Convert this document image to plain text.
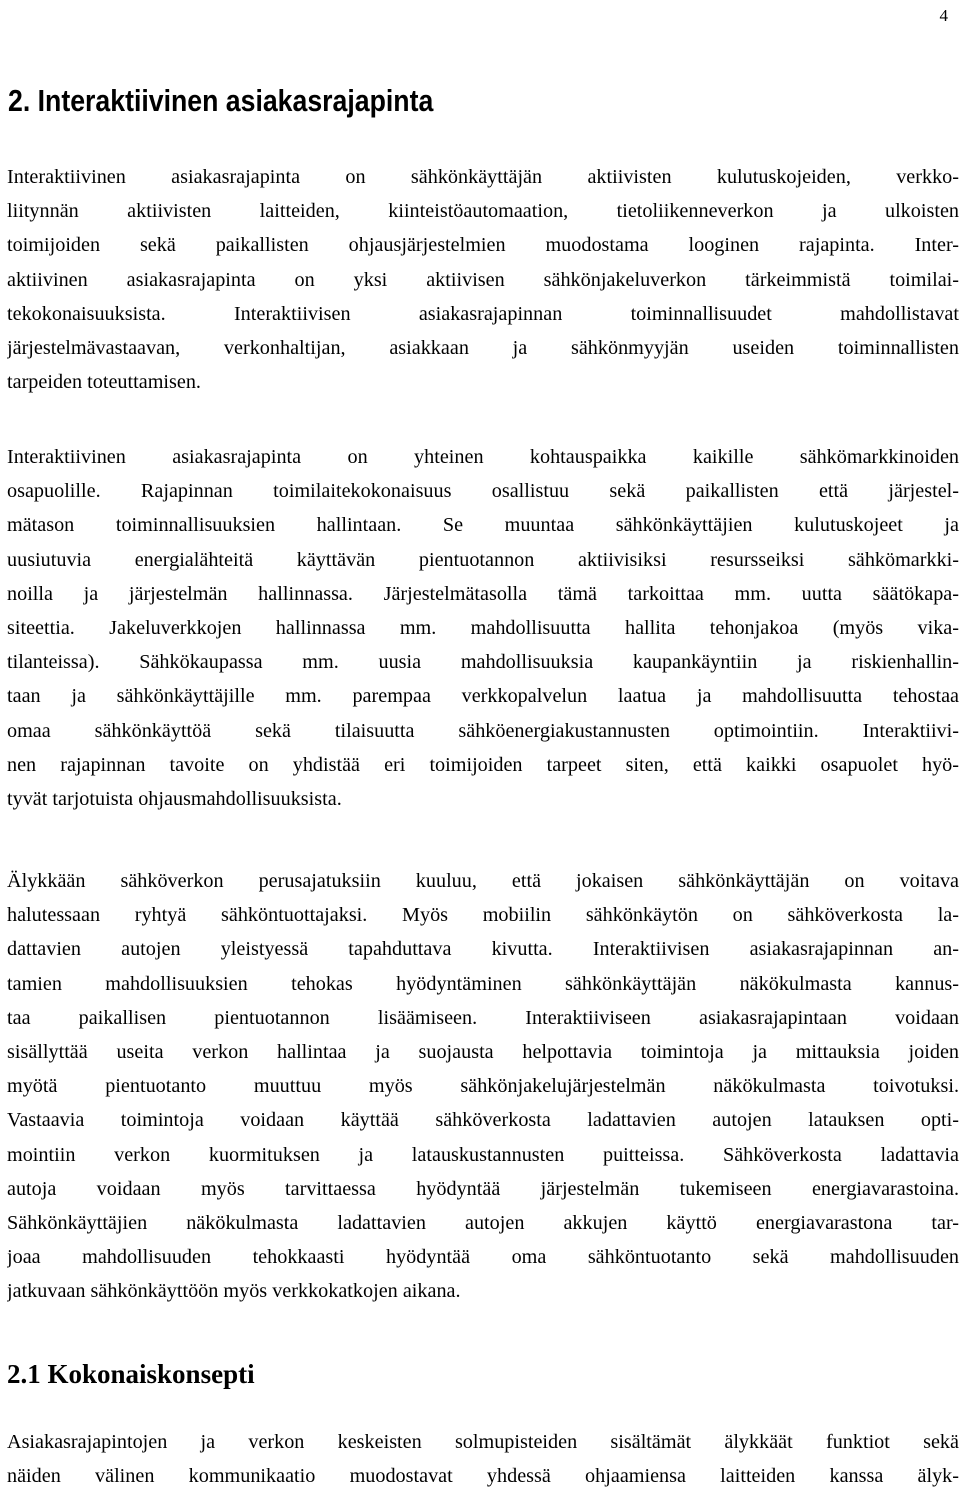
4
2. Interaktiivinen asiakasrajapinta
Interaktiivinen asiakasrajapinta on sähkönkäyttäjän aktiivisten kulutuskojeiden, verkko-
liitynnän aktiivisten laitteiden, kiinteistöautomaation, tietoliikenneverkon ja ulkoisten
toimijoiden sekä paikallisten ohjausjärjestelmien muodostama looginen rajapinta. Inter-
aktiivinen asiakasrajapinta on yksi aktiivisen sähkönjakeluverkon tärkeimmistä toimilai-
tekokonaisuuksista. Interaktiivisen asiakasrajapinnan toiminnallisuudet mahdollistavat
järjestelmävastaavan, verkonhaltijan, asiakkaan ja sähkönmyyjän useiden toiminnallisten
tarpeiden toteuttamisen.
Interaktiivinen asiakasrajapinta on yhteinen kohtauspaikka kaikille sähkömarkkinoiden
osapuolille. Rajapinnan toimilaitekokonaisuus osallistuu sekä paikallisten että järjestel-
mätason toiminnallisuuksien hallintaan. Se muuntaa sähkönkäyttäjien kulutuskojeet ja
uusiutuvia energialähteitä käyttävän pientuotannon aktiivisiksi resursseiksi sähkömarkki-
noilla ja järjestelmän hallinnassa. Järjestelmätasolla tämä tarkoittaa mm. uutta säätökapa-
siteettia. Jakeluverkkojen hallinnassa mm. mahdollisuutta hallita tehonjakoa (myös vika-
tilanteissa). Sähkökaupassa mm. uusia mahdollisuuksia kaupankäyntiin ja riskienhallin-
taan ja sähkönkäyttäjille mm. parempaa verkkopalvelun laatua ja mahdollisuutta tehostaa
omaa sähkönkäyttöä sekä tilaisuutta sähköenergiakustannusten optimointiin. Interaktiivi-
nen rajapinnan tavoite on yhdistää eri toimijoiden tarpeet siten, että kaikki osapuolet hyö-
tyvät tarjotuista ohjausmahdollisuuksista.
Älykkään sähköverkon perusajatuksiin kuuluu, että jokaisen sähkönkäyttäjän on voitava
halutessaan ryhtyä sähköntuottajaksi. Myös mobiilin sähkönkäytön on sähköverkosta la-
dattavien autojen yleistyessä tapahduttava kivutta. Interaktiivisen asiakasrajapinnan an-
tamien mahdollisuuksien tehokas hyödyntäminen sähkönkäyttäjän näkökulmasta kannus-
taa paikallisen pientuotannon lisäämiseen. Interaktiiviseen asiakasrajapintaan voidaan
sisällyttää useita verkon hallintaa ja suojausta helpottavia toimintoja ja mittauksia joiden
myötä pientuotanto muuttuu myös sähkönjakelujärjestelmän näkökulmasta toivotuksi.
Vastaavia toimintoja voidaan käyttää sähköverkosta ladattavien autojen latauksen opti-
mointiin verkon kuormituksen ja latauskustannusten puitteissa. Sähköverkosta ladattavia
autoja voidaan myös tarvittaessa hyödyntää järjestelmän tukemiseen energiavarastoina.
Sähkönkäyttäjien näkökulmasta ladattavien autojen akkujen käyttö energiavarastona tar-
joaa mahdollisuuden tehokkaasti hyödyntää oma sähköntuotanto sekä mahdollisuuden
jatkuvaan sähkönkäyttöön myös verkkokatkojen aikana.
2.1 Kokonaiskonsepti
Asiakasrajapintojen ja verkon keskeisten solmupisteiden sisältämät älykkäät funktiot sekä
näiden välinen kommunikaatio muodostavat yhdessä ohjaamiensa laitteiden kanssa älyk-
